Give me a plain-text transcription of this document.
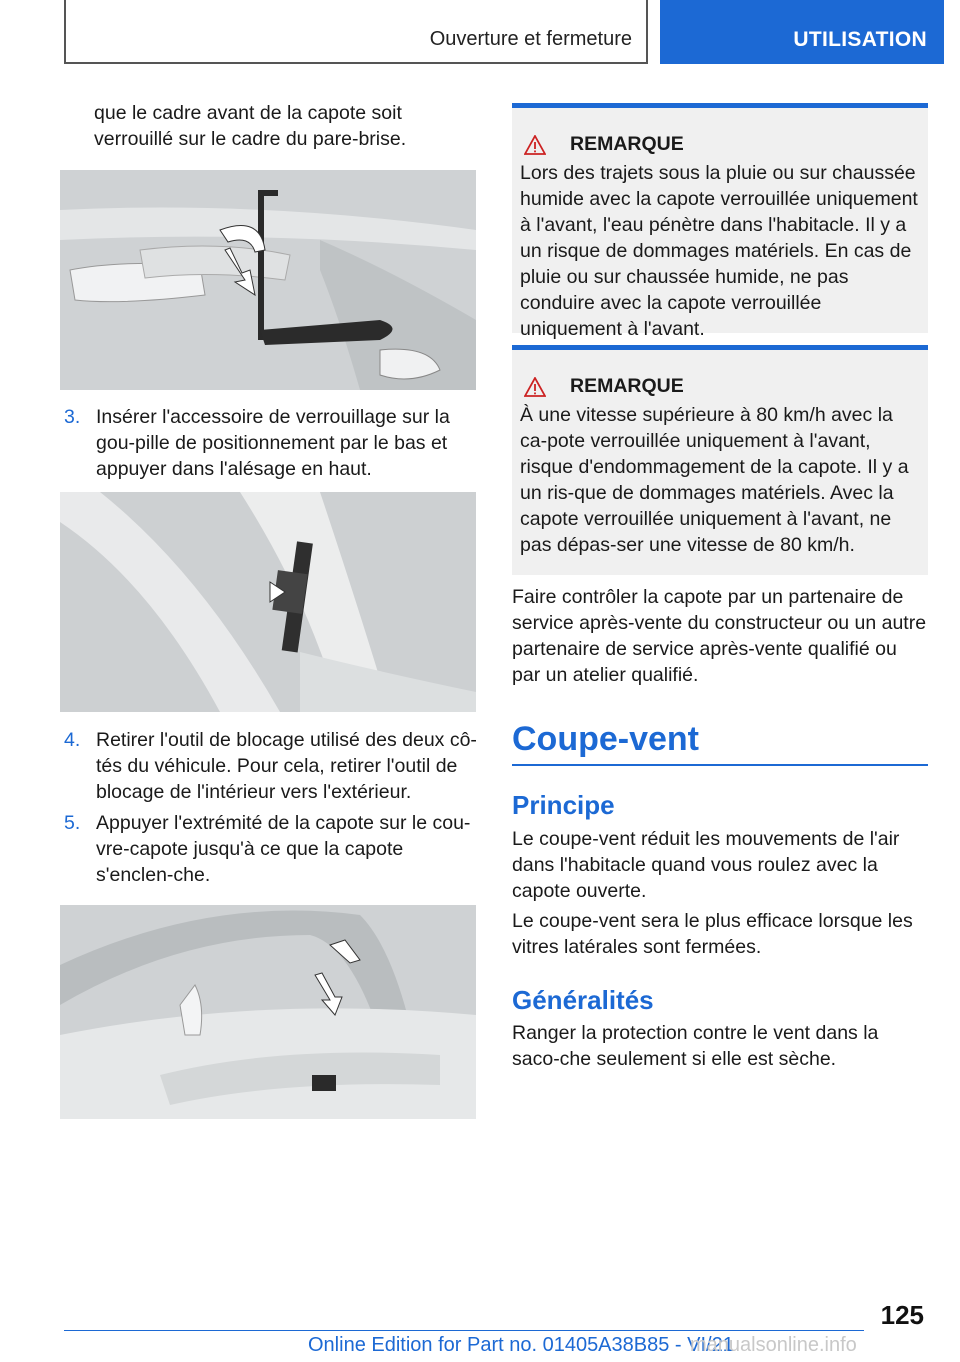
Ouverture et fermeture	UTILISATION
que le cadre avant de la capote soit verrouillé sur le cadre du pare-brise.
3. Insérer l'accessoire de verrouillage sur la gou-pille de positionnement par le bas et appuyer dans l'alésage en haut.
4. Retirer l'outil de blocage utilisé des deux cô-tés du véhicule. Pour cela, retirer l'outil de blocage de l'intérieur vers l'extérieur.
5. Appuyer l'extrémité de la capote sur le cou-vre-capote jusqu'à ce que la capote s'enclen-che.
REMARQUE
Lors des trajets sous la pluie ou sur chaussée humide avec la capote verrouillée uniquement à l'avant, l'eau pénètre dans l'habitacle. Il y a un risque de dommages matériels. En cas de pluie ou sur chaussée humide, ne pas conduire avec la capote verrouillée uniquement à l'avant.
REMARQUE
À une vitesse supérieure à 80 km/h avec la ca-pote verrouillée uniquement à l'avant, risque d'endommagement de la capote. Il y a un ris-que de dommages matériels. Avec la capote verrouillée uniquement à l'avant, ne pas dépas-ser une vitesse de 80 km/h.
Faire contrôler la capote par un partenaire de service après-vente du constructeur ou un autre partenaire de service après-vente qualifié ou par un atelier qualifié.
Coupe-vent
Principe
Le coupe-vent réduit les mouvements de l'air dans l'habitacle quand vous roulez avec la capote ouverte.
Le coupe-vent sera le plus efficace lorsque les vitres latérales sont fermées.
Généralités
Ranger la protection contre le vent dans la saco-che seulement si elle est sèche.
125
Online Edition for Part no. 01405A38B85 - VI/21
manualsonline.info
